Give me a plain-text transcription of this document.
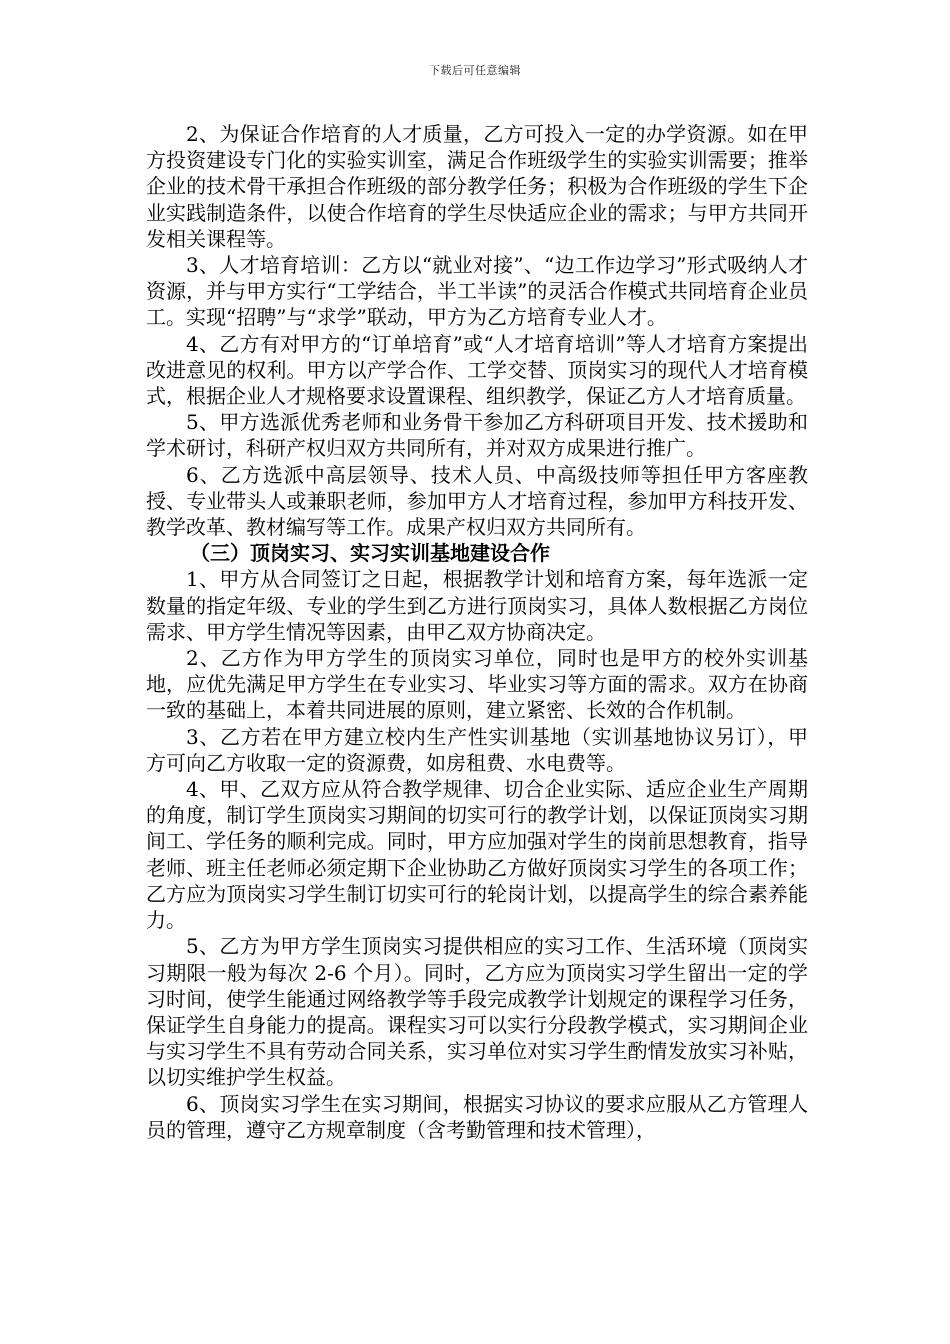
下载后可任意编辑

2、为保证合作培育的人才质量，乙方可投入一定的办学资源。如在甲方投资建设专门化的实验实训室，满足合作班级学生的实验实训需要；推举企业的技术骨干承担合作班级的部分教学任务；积极为合作班级的学生下企业实践制造条件，以使合作培育的学生尽快适应企业的需求；与甲方共同开发相关课程等。

3、人才培育培训：乙方以“就业对接”、“边工作边学习”形式吸纳人才资源，并与甲方实行“工学结合，半工半读”的灵活合作模式共同培育企业员工。实现“招聘”与“求学”联动，甲方为乙方培育专业人才。

4、乙方有对甲方的“订单培育”或“人才培育培训”等人才培育方案提出改进意见的权利。甲方以产学合作、工学交替、顶岗实习的现代人才培育模式，根据企业人才规格要求设置课程、组织教学，保证乙方人才培育质量。

5、甲方选派优秀老师和业务骨干参加乙方科研项目开发、技术援助和学术研讨，科研产权归双方共同所有，并对双方成果进行推广。

6、乙方选派中高层领导、技术人员、中高级技师等担任甲方客座教授、专业带头人或兼职老师，参加甲方人才培育过程，参加甲方科技开发、教学改革、教材编写等工作。成果产权归双方共同所有。

（三）顶岗实习、实习实训基地建设合作

1、甲方从合同签订之日起，根据教学计划和培育方案，每年选派一定数量的指定年级、专业的学生到乙方进行顶岗实习，具体人数根据乙方岗位需求、甲方学生情况等因素，由甲乙双方协商决定。

2、乙方作为甲方学生的顶岗实习单位，同时也是甲方的校外实训基地，应优先满足甲方学生在专业实习、毕业实习等方面的需求。双方在协商一致的基础上，本着共同进展的原则，建立紧密、长效的合作机制。

3、乙方若在甲方建立校内生产性实训基地（实训基地协议另订），甲方可向乙方收取一定的资源费，如房租费、水电费等。

4、甲、乙双方应从符合教学规律、切合企业实际、适应企业生产周期的角度，制订学生顶岗实习期间的切实可行的教学计划，以保证顶岗实习期间工、学任务的顺利完成。同时，甲方应加强对学生的岗前思想教育，指导老师、班主任老师必须定期下企业协助乙方做好顶岗实习学生的各项工作；乙方应为顶岗实习学生制订切实可行的轮岗计划，以提高学生的综合素养能力。

5、乙方为甲方学生顶岗实习提供相应的实习工作、生活环境（顶岗实习期限一般为每次 2-6 个月）。同时，乙方应为顶岗实习学生留出一定的学习时间，使学生能通过网络教学等手段完成教学计划规定的课程学习任务，保证学生自身能力的提高。课程实习可以实行分段教学模式，实习期间企业与实习学生不具有劳动合同关系，实习单位对实习学生酌情发放实习补贴，以切实维护学生权益。

6、顶岗实习学生在实习期间，根据实习协议的要求应服从乙方管理人员的管理，遵守乙方规章制度（含考勤管理和技术管理），
